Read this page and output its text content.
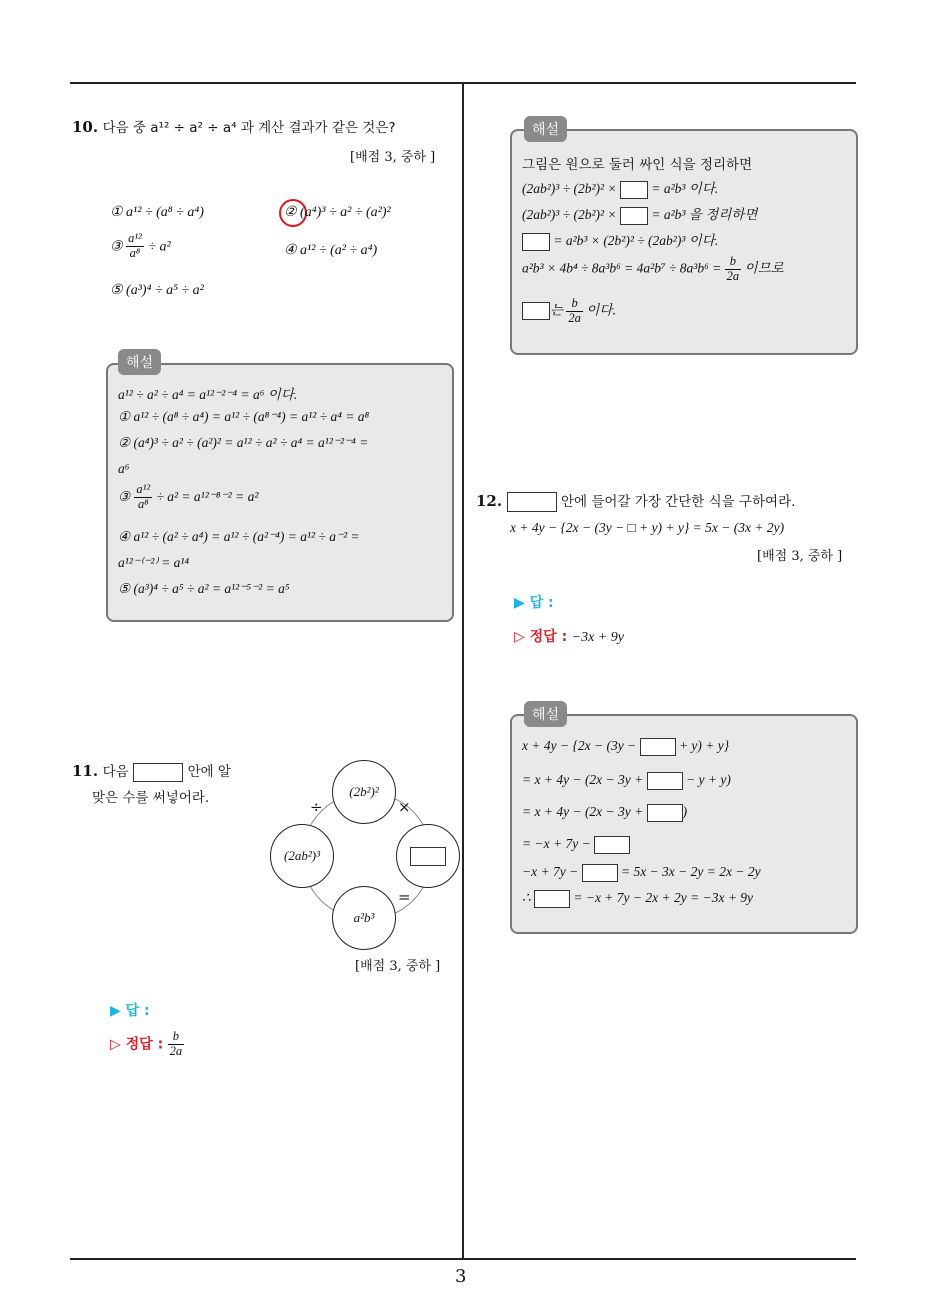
3
10. 다음 중 a¹² ÷ a² ÷ a⁴ 과 계산 결과가 같은 것은?
[배점 3, 중하 ]
① a¹² ÷ (a⁸ ÷ a⁴)	② (a⁴)³ ÷ a² ÷ (a²)²
③ $\frac{\text{a¹²}}{\text{a⁸}} \div a^2$	④ a¹² ÷ (a² ÷ a⁴)
⑤ (a³)⁴ ÷ a⁵ ÷ a²
a¹² ÷ a² ÷ a⁴ = a¹²⁻²⁻⁴ = a⁶ 이다.
① a¹² ÷ (a⁸ ÷ a⁴) = a¹² ÷ (a⁸⁻⁴) = a¹² ÷ a⁴ = a⁸
② (a⁴)³ ÷ a² ÷ (a²)² = a¹² ÷ a² ÷ a⁴ = a¹²⁻²⁻⁴ =
a⁶
③ $\frac{\text{a¹²}}{\text{a⁸}} \div a^2 = a^{12-8-2} = a^2$
④ a¹² ÷ (a² ÷ a⁴) = a¹² ÷ (a²⁻⁴) = a¹² ÷ a⁻² =
a¹²⁻⁽⁻²⁾ = a¹⁴
⑤ (a³)⁴ ÷ a⁵ ÷ a² = a¹²⁻⁵⁻² = a⁵
해설
11. 다음	안에 알
맞은 수를 써넣어라.	(2b²)²
(2ab²)³
a²b³
÷	×
=
[배점 3, 중하 ]
▶ 답 :
▷ 정답 : $\frac{b}{2a}$
그림은 원으로 둘러 싸인 식을 정리하면
(2ab²)³ ÷ (2b²)² ×	= a²b³ 이다.
(2ab²)³ ÷ (2b²)² ×	= a²b³ 을 정리하면
= a²b³ × (2b²)² ÷ (2ab²)³ 이다.
$a^2b^3 \times 4b^4 \div 8a^3b^6 = 4a^2b^7 \div 8a^3b^6 = \frac{b}{2a}$ 이므로
는 $\frac{b}{2a}$ 이다.
해설
12.	안에 들어갈 가장 간단한 식을 구하여라.
x + 4y − {2x − (3y − □ + y) + y} = 5x − (3x + 2y)
[배점 3, 중하 ]
▶ 답 :
▷ 정답 : −3x + 9y
x + 4y − {2x − (3y −	+ y) + y}
= x + 4y − (2x − 3y +	− y + y)
= x + 4y − (2x − 3y +	)
= −x + 7y −
−x + 7y −	= 5x − 3x − 2y = 2x − 2y
∴	= −x + 7y − 2x + 2y = −3x + 9y
해설
